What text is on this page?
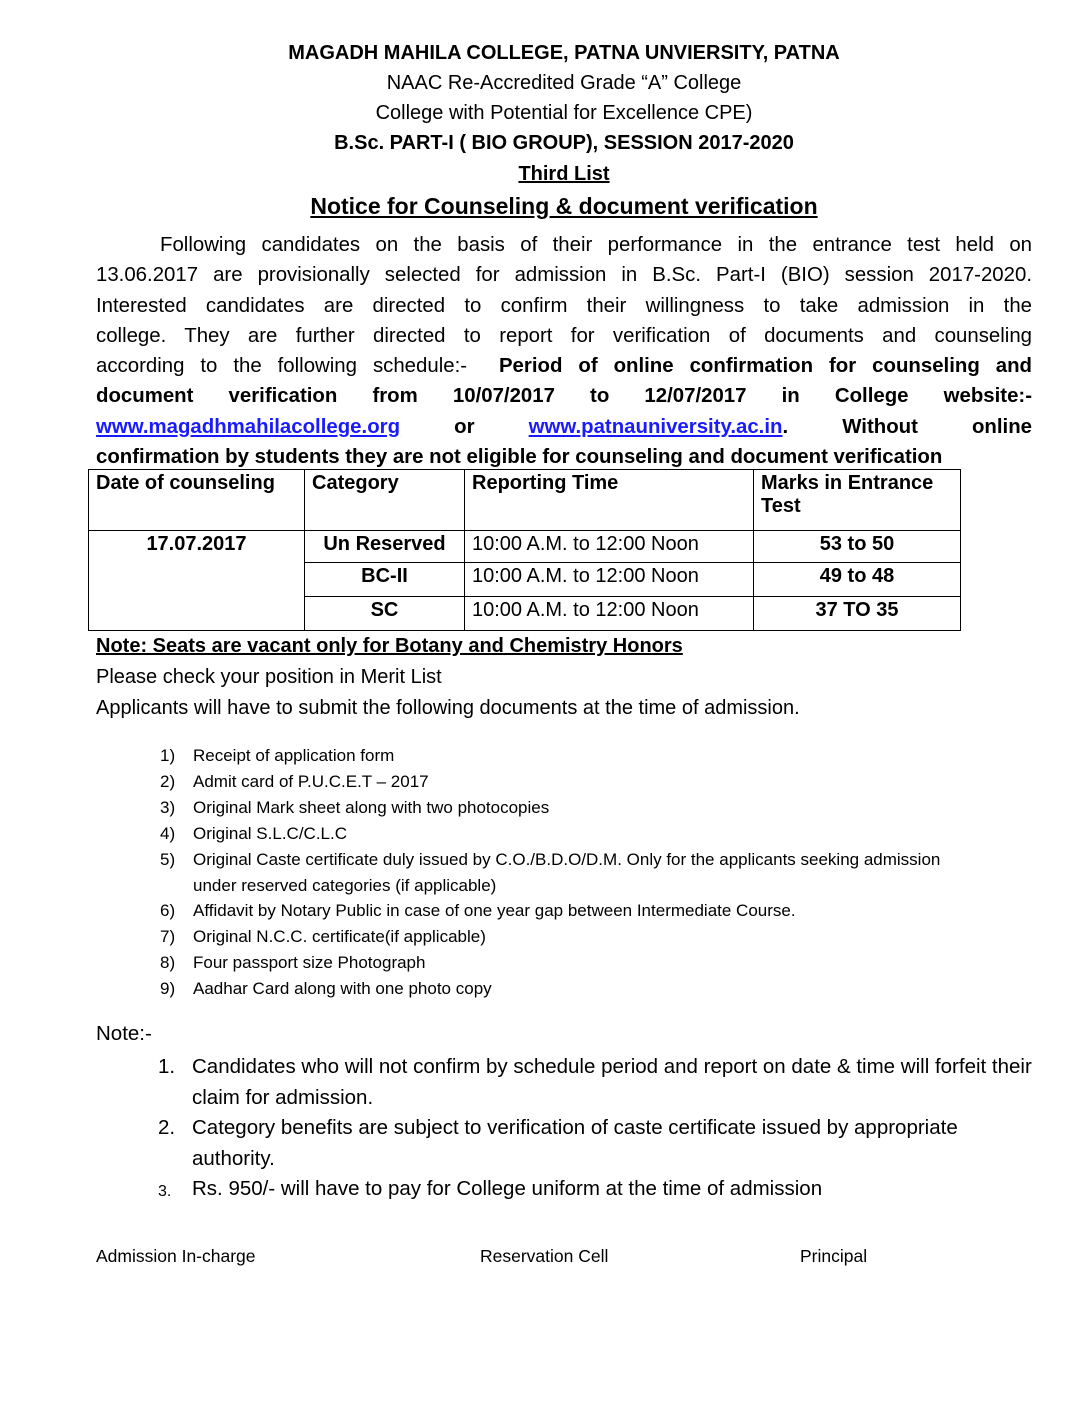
MAGADH MAHILA COLLEGE, PATNA UNVIERSITY, PATNA
NAAC Re-Accredited Grade “A” College
College with Potential for Excellence CPE)
B.Sc. PART-I ( BIO GROUP), SESSION 2017-2020
Third List
Notice for Counseling & document verification
Following candidates on the basis of their performance in the entrance test held on
13.06.2017 are provisionally selected for admission in B.Sc. Part-I (BIO) session 2017-2020.
Interested candidates are directed to confirm their willingness to take admission in the
college. They are further directed to report for verification of documents and counseling
according to the following schedule:- Period of online confirmation for counseling and
document verification from 10/07/2017 to 12/07/2017 in College website:-
www.magadhmahilacollege.org	or	www.patnauniversity.ac.in. Without online
confirmation by students they are not eligible for counseling and document verification
Date of counseling	Category	Reporting Time	Marks in Entrance Test
17.07.2017	Un Reserved	10:00 A.M. to 12:00 Noon	53 to 50
	BC-II	10:00 A.M. to 12:00 Noon	49 to 48
	SC	10:00 A.M. to 12:00 Noon	37 TO 35
Note: Seats are vacant only for Botany and Chemistry Honors
Please check your position in Merit List
Applicants will have to submit the following documents at the time of admission.
1)	Receipt of application form
2)	Admit card of P.U.C.E.T – 2017
3)	Original Mark sheet along with two photocopies
4)	Original S.L.C/C.L.C
5)	Original Caste certificate duly issued by C.O./B.D.O/D.M. Only for the applicants seeking admission under reserved categories (if applicable)
6)	Affidavit by Notary Public in case of one year gap between Intermediate Course.
7)	Original N.C.C. certificate(if applicable)
8)	Four passport size Photograph
9)	Aadhar Card along with one photo copy
Note:-
1. Candidates who will not confirm by schedule period and report on date & time will forfeit their claim for admission.
2. Category benefits are subject to verification of caste certificate issued by appropriate authority.
3.	Rs. 950/- will have to pay for College uniform at the time of admission
Admission In-charge	Reservation Cell	Principal
